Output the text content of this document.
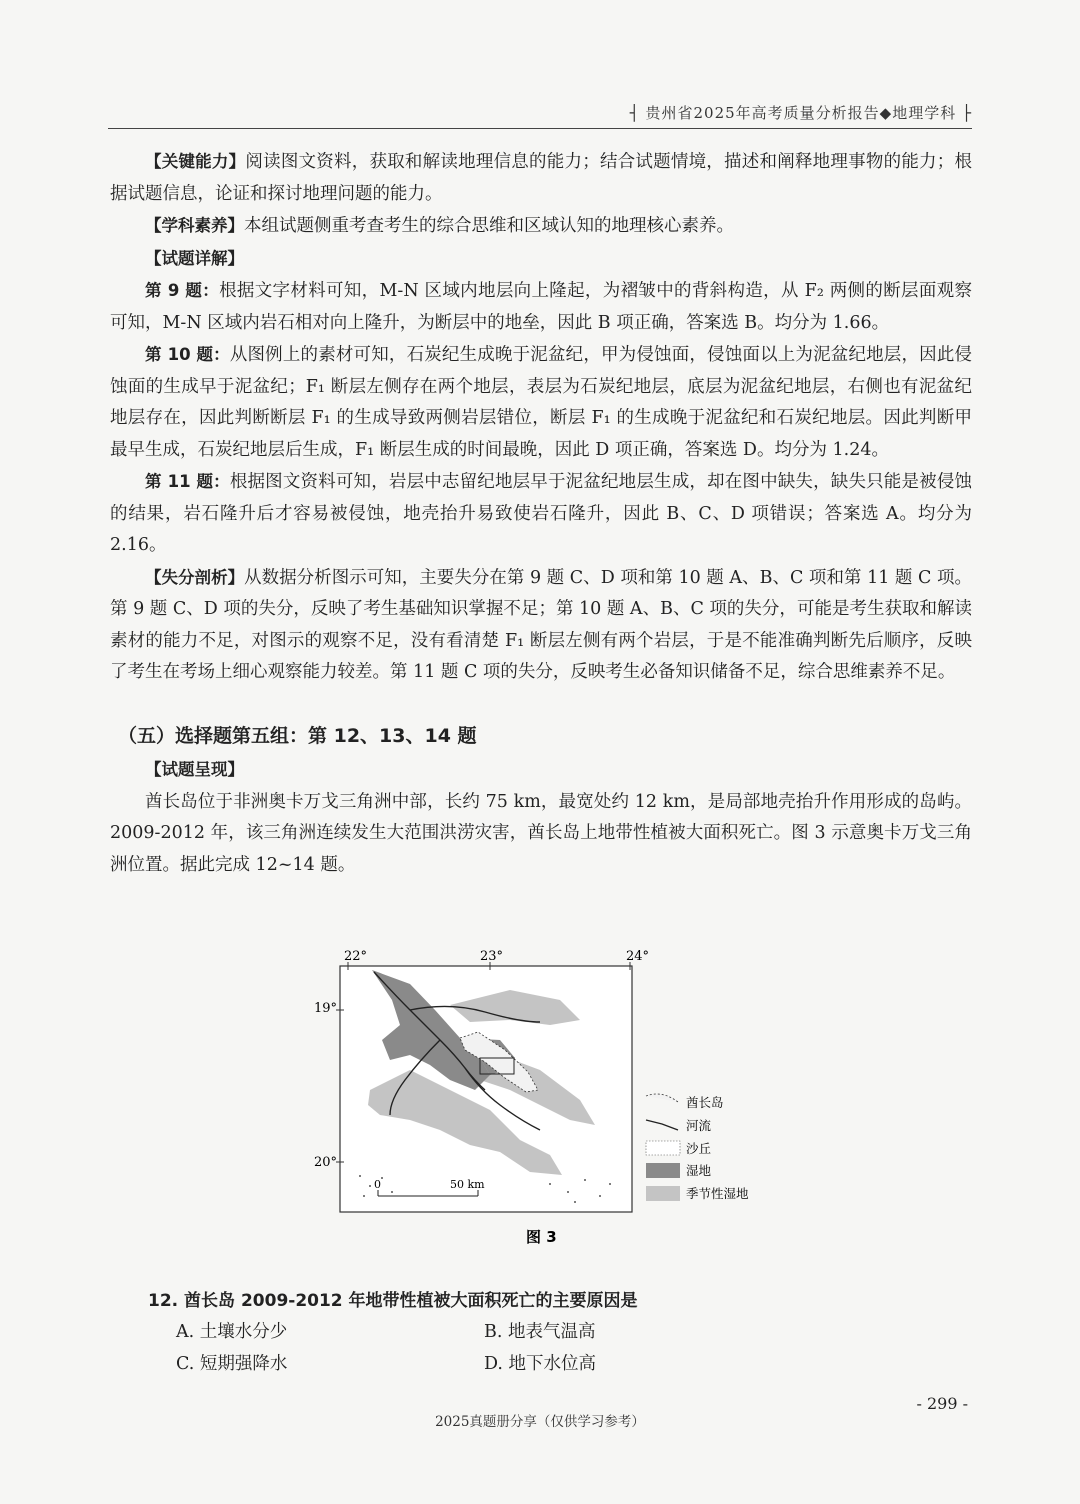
┤ 贵州省2025年高考质量分析报告◆地理学科 ├

【关键能力】阅读图文资料，获取和解读地理信息的能力；结合试题情境，描述和阐释地理事物的能力；根据试题信息，论证和探讨地理问题的能力。

【学科素养】本组试题侧重考查考生的综合思维和区域认知的地理核心素养。

【试题详解】

第 9 题：根据文字材料可知，M-N 区域内地层向上隆起，为褶皱中的背斜构造，从 F₂ 两侧的断层面观察可知，M-N 区域内岩石相对向上隆升，为断层中的地垒，因此 B 项正确，答案选 B。均分为 1.66。

第 10 题：从图例上的素材可知，石炭纪生成晚于泥盆纪，甲为侵蚀面，侵蚀面以上为泥盆纪地层，因此侵蚀面的生成早于泥盆纪；F₁ 断层左侧存在两个地层，表层为石炭纪地层，底层为泥盆纪地层，右侧也有泥盆纪地层存在，因此判断断层 F₁ 的生成导致两侧岩层错位，断层 F₁ 的生成晚于泥盆纪和石炭纪地层。因此判断甲最早生成，石炭纪地层后生成，F₁ 断层生成的时间最晚，因此 D 项正确，答案选 D。均分为 1.24。

第 11 题：根据图文资料可知，岩层中志留纪地层早于泥盆纪地层生成，却在图中缺失，缺失只能是被侵蚀的结果，岩石隆升后才容易被侵蚀，地壳抬升易致使岩石隆升，因此 B、C、D 项错误；答案选 A。均分为 2.16。

【失分剖析】从数据分析图示可知，主要失分在第 9 题 C、D 项和第 10 题 A、B、C 项和第 11 题 C 项。第 9 题 C、D 项的失分，反映了考生基础知识掌握不足；第 10 题 A、B、C 项的失分，可能是考生获取和解读素材的能力不足，对图示的观察不足，没有看清楚 F₁ 断层左侧有两个岩层，于是不能准确判断先后顺序，反映了考生在考场上细心观察能力较差。第 11 题 C 项的失分，反映考生必备知识储备不足，综合思维素养不足。

（五）选择题第五组：第 12、13、14 题

【试题呈现】

酋长岛位于非洲奥卡万戈三角洲中部，长约 75 km，最宽处约 12 km，是局部地壳抬升作用形成的岛屿。2009-2012 年，该三角洲连续发生大范围洪涝灾害，酋长岛上地带性植被大面积死亡。图 3 示意奥卡万戈三角洲位置。据此完成 12~14 题。

22°	23°	24°
19°
20°
0	50 km
酋长岛
河流
沙丘
湿地
季节性湿地
图 3
12. 酋长岛 2009-2012 年地带性植被大面积死亡的主要原因是
A. 土壤水分少	B. 地表气温高
C. 短期强降水	D. 地下水位高
- 299 -
2025真题册分享（仅供学习参考）
